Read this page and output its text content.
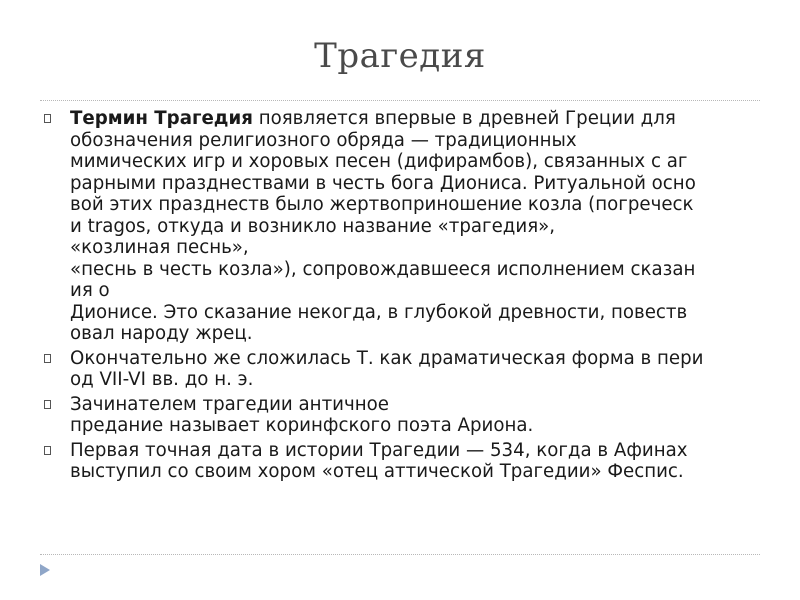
Трагедия
Термин Трагедия появляется впервые в древней Греции для
обозначения религиозного обряда — традиционных
мимических игр и хоровых песен (дифирамбов), связанных с аг
рарными празднествами в честь бога Диониса. Ритуальной осно
вой этих празднеств было жертвоприношение козла (погреческ
и tragos, откуда и возникло название «трагедия»,
«козлиная песнь»,
«песнь в честь козла»), сопровождавшееся исполнением сказан
ия о
Дионисе. Это сказание некогда, в глубокой древности, повеств
овал народу жрец.
Окончательно же сложилась Т. как драматическая форма в пери
од VII-VI вв. до н. э.
Зачинателем трагедии античное
предание называет коринфского поэта Ариона.
Первая точная дата в истории Трагедии — 534, когда в Афинах
выступил со своим хором «отец аттической Трагедии» Феспис.
